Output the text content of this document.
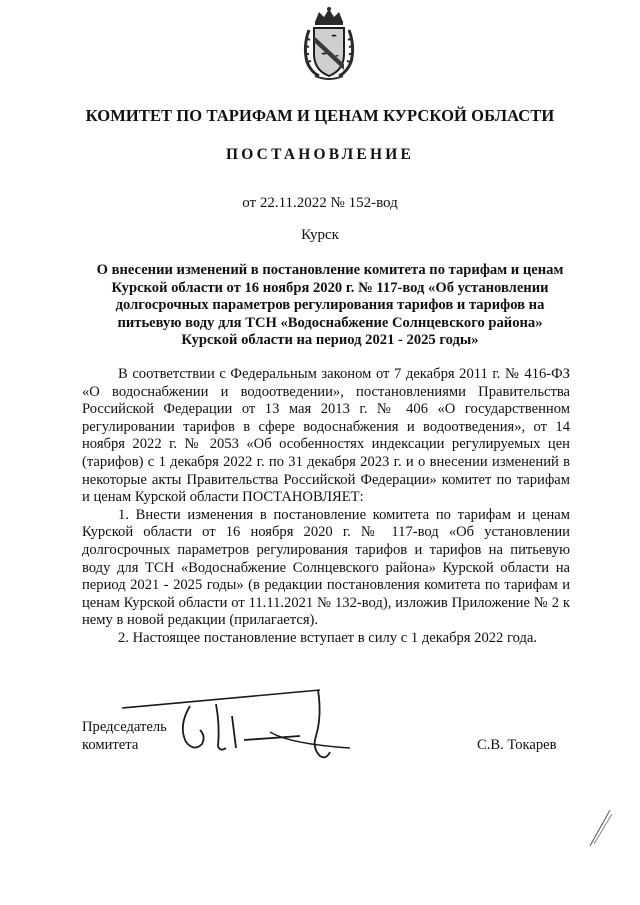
КОМИТЕТ ПО ТАРИФАМ И ЦЕНАМ КУРСКОЙ ОБЛАСТИ
ПОСТАНОВЛЕНИЕ
от 22.11.2022 № 152-вод
Курск
О внесении изменений в постановление комитета по тарифам и ценам
Курской области от 16 ноября 2020 г. № 117-вод «Об установлении
долгосрочных параметров регулирования тарифов и тарифов на
питьевую воду для ТСН «Водоснабжение Солнцевского района»
Курской области на период 2021 - 2025 годы»

В соответствии с Федеральным законом от 7 декабря 2011 г. № 416-ФЗ «О водоснабжении и водоотведении», постановлениями Правительства Российской Федерации от 13 мая 2013 г. № 406 «О государственном регулировании тарифов в сфере водоснабжения и водоотведения», от 14 ноября 2022 г. № 2053 «Об особенностях индексации регулируемых цен (тарифов) с 1 декабря 2022 г. по 31 декабря 2023 г. и о внесении изменений в некоторые акты Правительства Российской Федерации» комитет по тарифам и ценам Курской области ПОСТАНОВЛЯЕТ:

1. Внести изменения в постановление комитета по тарифам и ценам Курской области от 16 ноября 2020 г. № 117-вод «Об установлении долгосрочных параметров регулирования тарифов и тарифов на питьевую воду для ТСН «Водоснабжение Солнцевского района» Курской области на период 2021 - 2025 годы» (в редакции постановления комитета по тарифам и ценам Курской области от 11.11.2021 № 132-вод), изложив Приложение № 2 к нему в новой редакции (прилагается).

2. Настоящее постановление вступает в силу с 1 декабря 2022 года.

Председатель
комитета	С.В. Токарев
